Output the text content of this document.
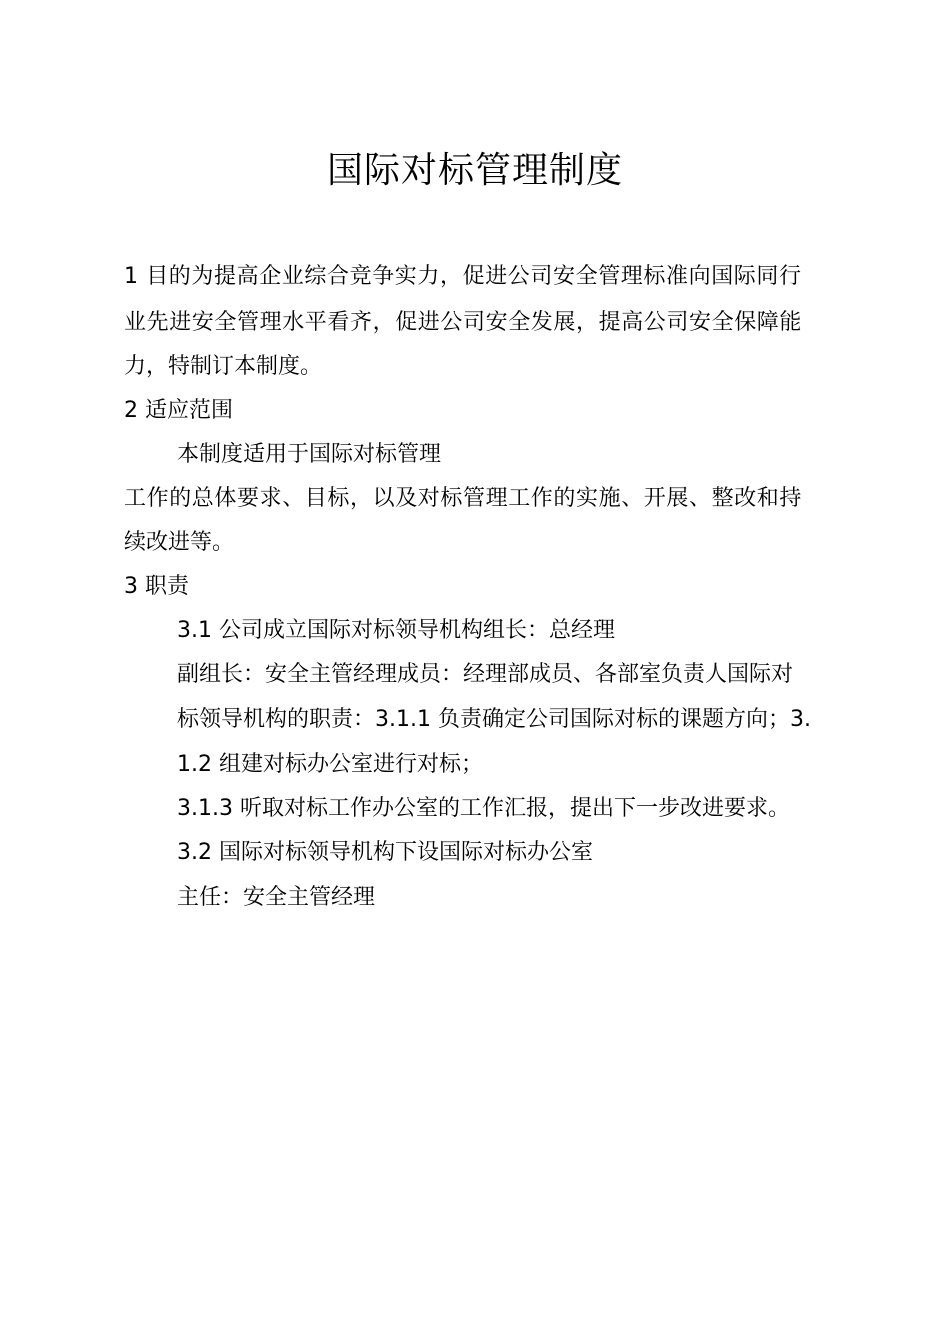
国际对标管理制度
1 目的为提高企业综合竞争实力，促进公司安全管理标准向国际同行
业先进安全管理水平看齐，促进公司安全发展，提高公司安全保障能
力，特制订本制度。
2 适应范围
本制度适用于国际对标管理
工作的总体要求、目标，以及对标管理工作的实施、开展、整改和持
续改进等。
3 职责
3.1 公司成立国际对标领导机构组长：总经理
副组长：安全主管经理成员：经理部成员、各部室负责人国际对
标领导机构的职责：3.1.1 负责确定公司国际对标的课题方向；3.
1.2 组建对标办公室进行对标；
3.1.3 听取对标工作办公室的工作汇报，提出下一步改进要求。
3.2 国际对标领导机构下设国际对标办公室
主任：安全主管经理
